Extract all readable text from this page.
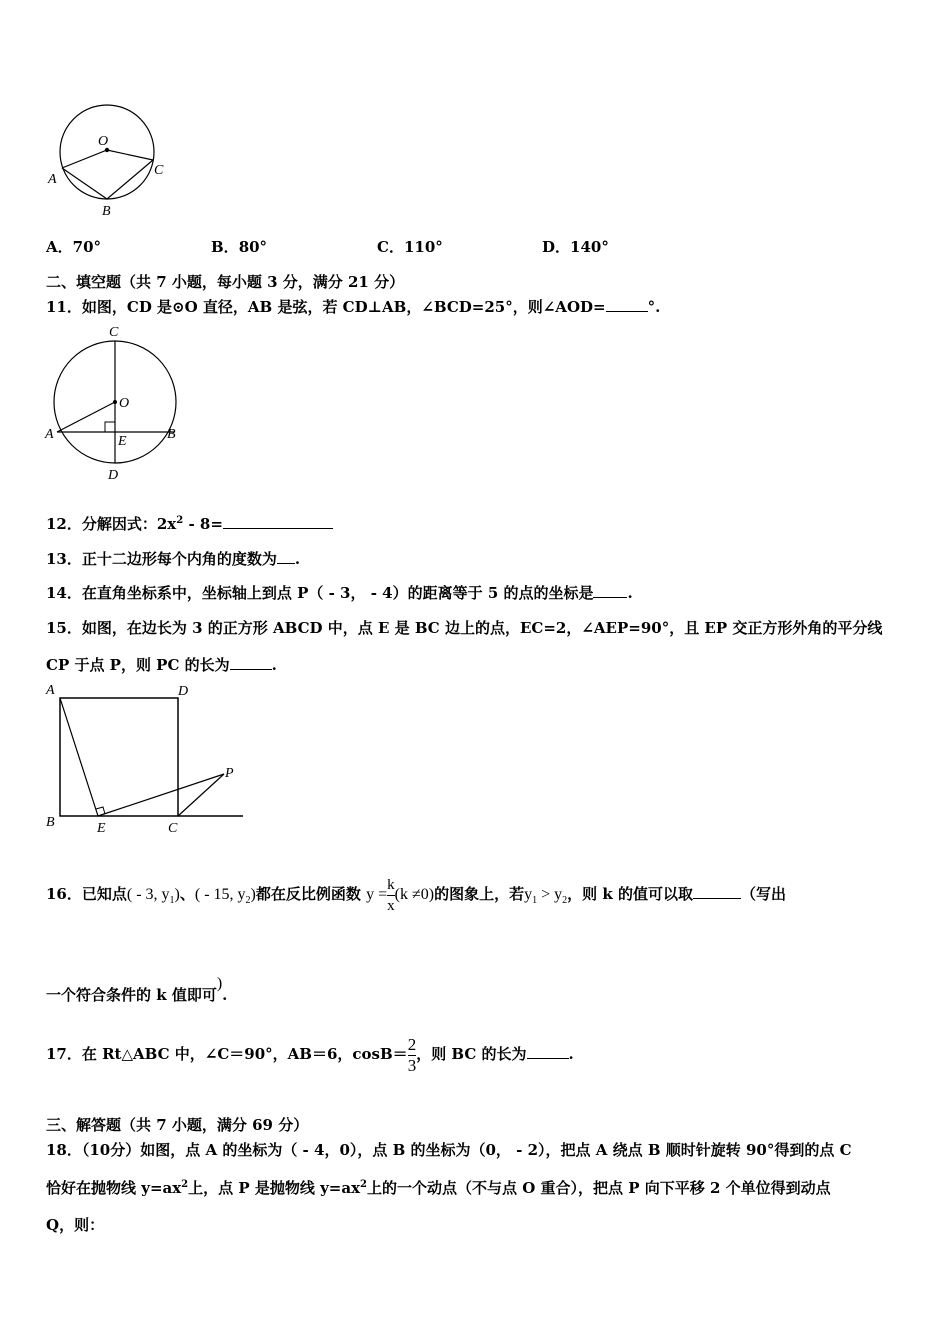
O
A
B
C
A．70°	B．80°	C．110°	D．140°
二、填空题（共 7 小题，每小题 3 分，满分 21 分）
11．如图，CD 是⊙O 直径，AB 是弦，若 CD⊥AB，∠BCD=25°，则∠AOD=	°.
C
O
A	B
E
D
12．分解因式：$2x^2 - 8=$
13．正十二边形每个内角的度数为 .
14．在直角坐标系中，坐标轴上到点 P（ - 3， - 4）的距离等于 5 的点的坐标是 .
15．如图，在边长为 3 的正方形 ABCD 中，点 E 是 BC 边上的点，EC=2，∠AEP=90°，且 EP 交正方形外角的平分线
CP 于点 P，则 PC 的长为	.
A	D
B	E	C
P
16．已知点( - 3, $y_1$)、( - 15, $y_2$)都在反比例函数 $y = \frac{k}{x} (k \ne 0)$的图象上，若$y_1 > y_2$，则 k 的值可以取	（写出
一个符合条件的 k 值即可).
17．在 Rt△ABC 中，∠C＝90°，AB＝6，$\cos B= \frac{2}{3}$ ，则 BC 的长为	.
三、解答题（共 7 小题，满分 69 分）
18．（10分）如图，点 A 的坐标为（ - 4，0），点 B 的坐标为（0， - 2），把点 A 绕点 B 顺时针旋转 90°得到的点 C
恰好在抛物线 $y=ax^2$上，点 P 是抛物线 $y=ax^2$上的一个动点（不与点 O 重合），把点 P 向下平移 2 个单位得到动点
Q，则：
